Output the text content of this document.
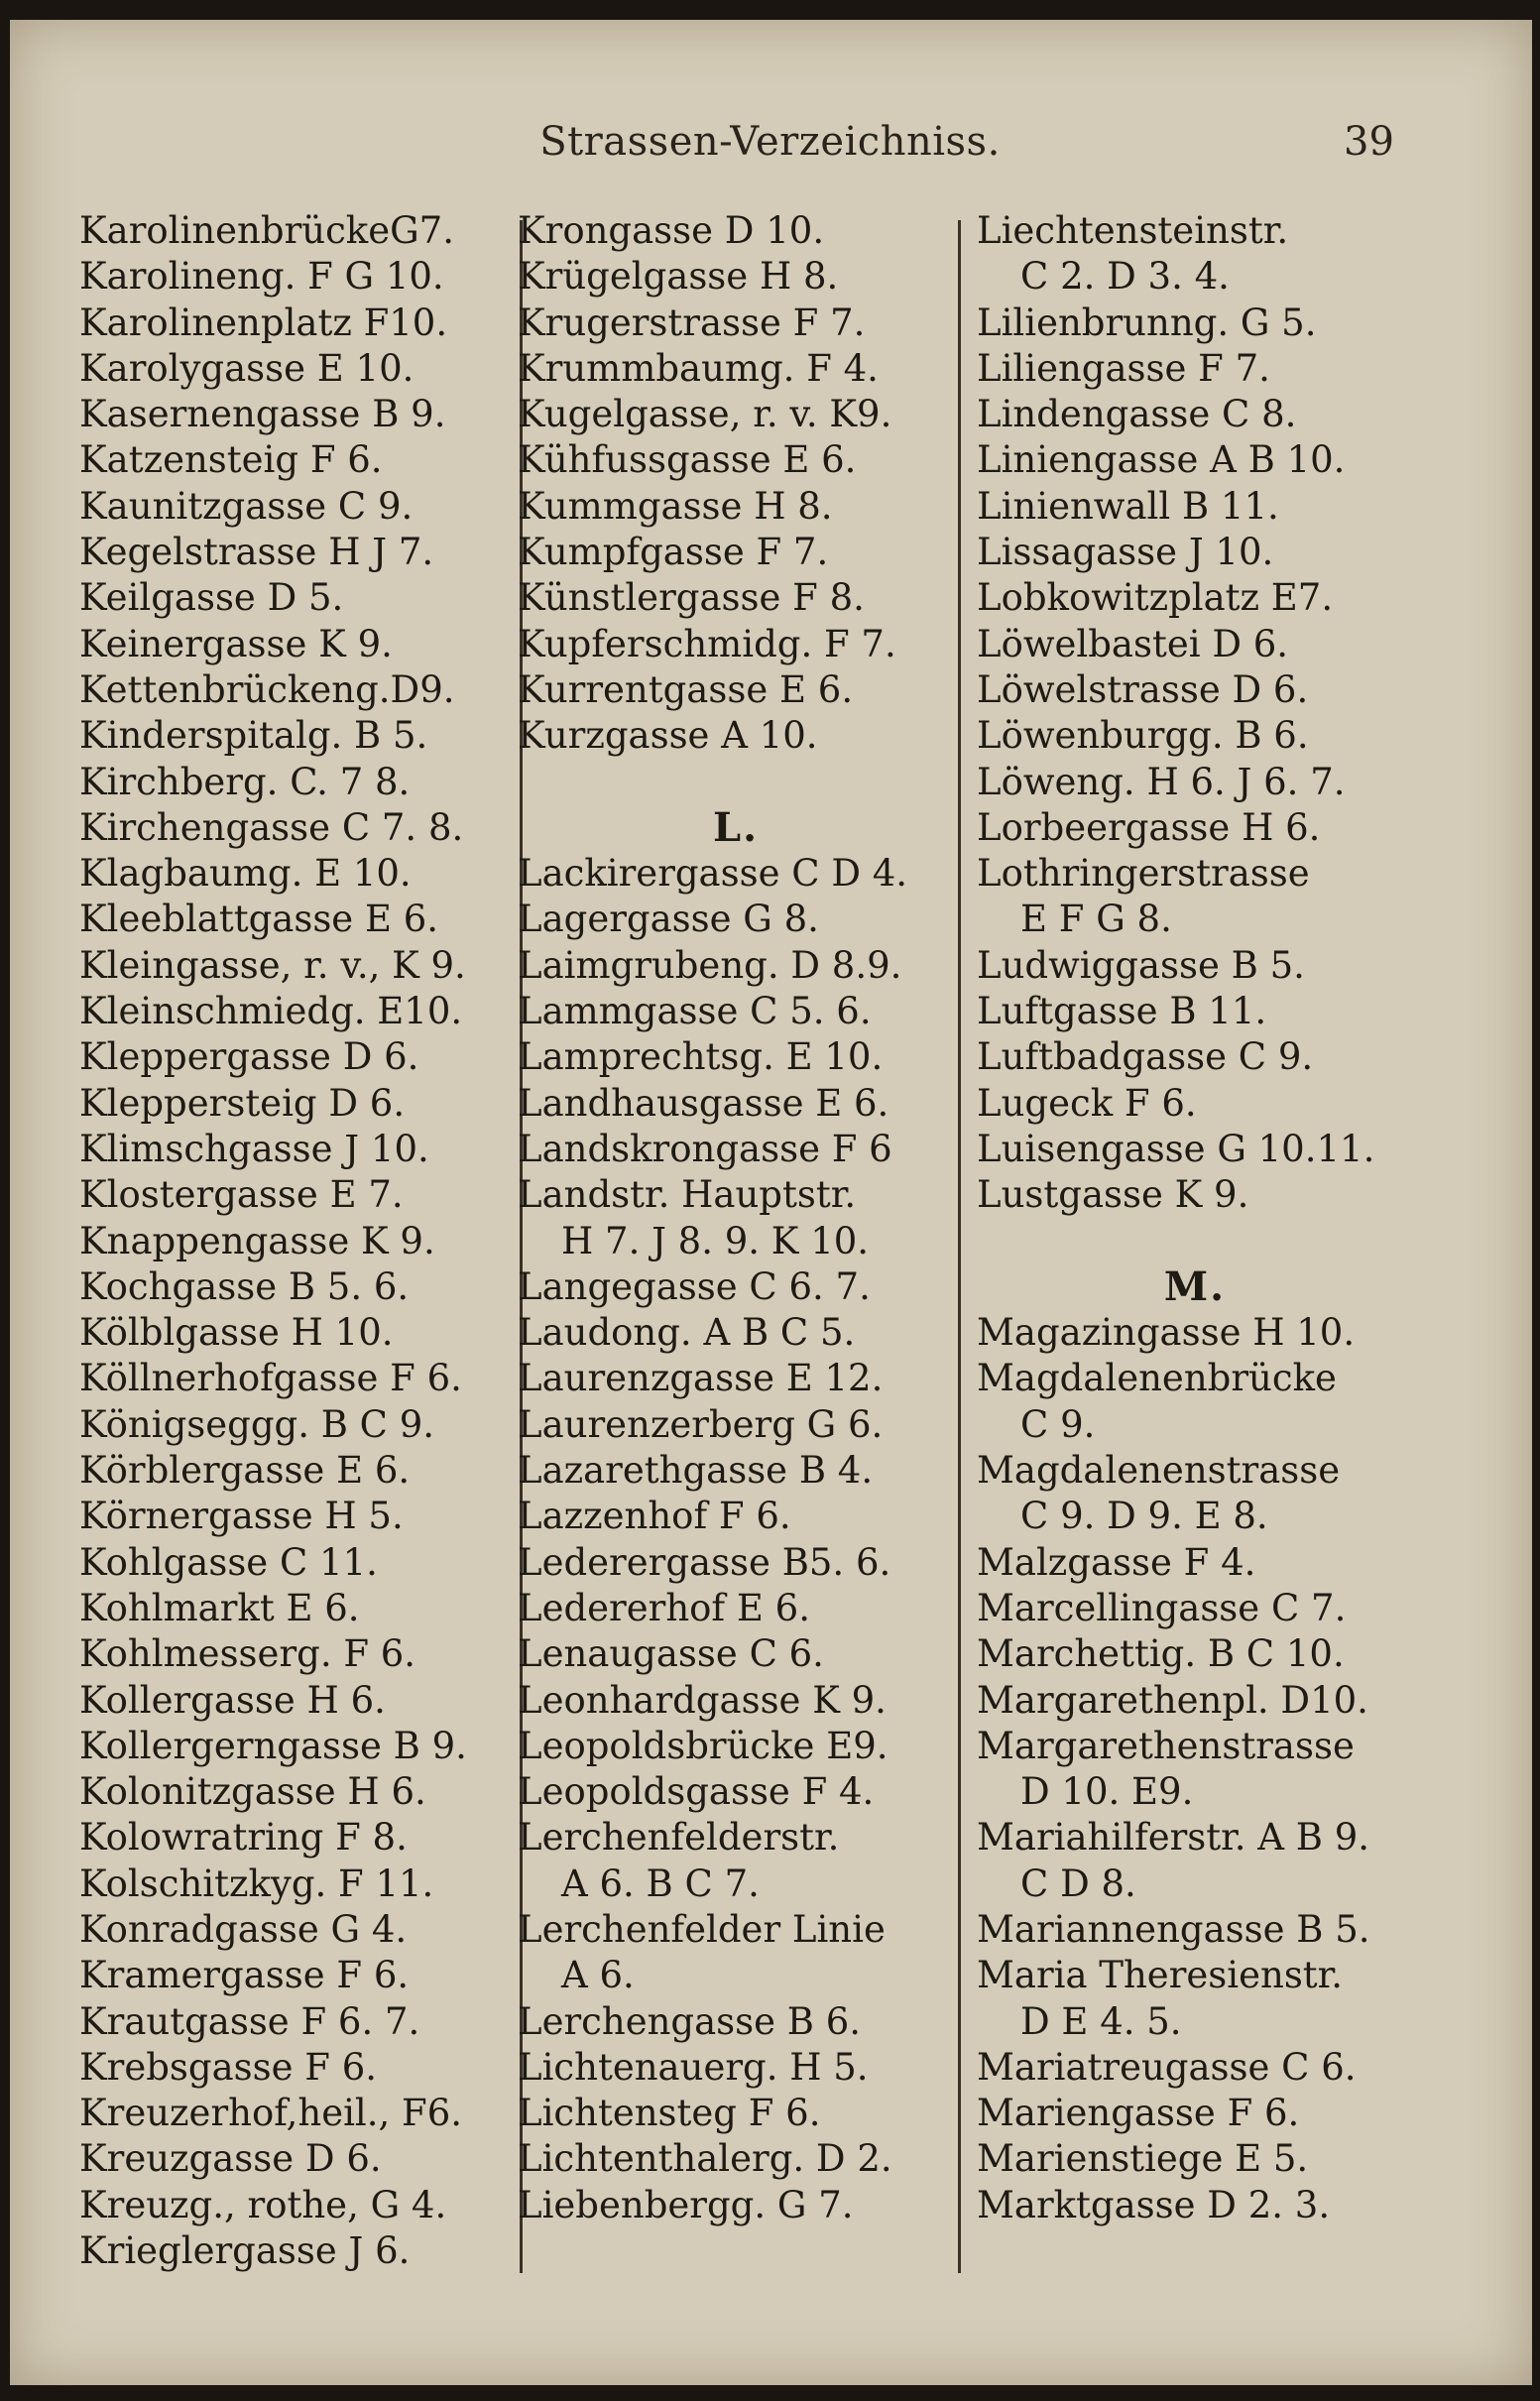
Strassen-Verzeichniss.	39
KarolinenbrückeG7.
Karolineng. F G 10.
Karolinenplatz F10.
Karolygasse E 10.
Kasernengasse B 9.
Katzensteig F 6.
Kaunitzgasse C 9.
Kegelstrasse H J 7.
Keilgasse D 5.
Keinergasse K 9.
Kettenbrückeng.D9.
Kinderspitalg. B 5.
Kirchberg. C. 7 8.
Kirchengasse C 7. 8.
Klagbaumg. E 10.
Kleeblattgasse E 6.
Kleingasse, r. v., K 9.
Kleinschmiedg. E10.
Kleppergasse D 6.
Kleppersteig D 6.
Klimschgasse J 10.
Klostergasse E 7.
Knappengasse K 9.
Kochgasse B 5. 6.
Kölblgasse H 10.
Köllnerhofgasse F 6.
Königseggg. B C 9.
Körblergasse E 6.
Körnergasse H 5.
Kohlgasse C 11.
Kohlmarkt E 6.
Kohlmesserg. F 6.
Kollergasse H 6.
Kollergerngasse B 9.
Kolonitzgasse H 6.
Kolowratring F 8.
Kolschitzkyg. F 11.
Konradgasse G 4.
Kramergasse F 6.
Krautgasse F 6. 7.
Krebsgasse F 6.
Kreuzerhof,heil., F6.
Kreuzgasse D 6.
Kreuzg., rothe, G 4.
Krieglergasse J 6.
Krongasse D 10.
Krügelgasse H 8.
Krugerstrasse F 7.
Krummbaumg. F 4.
Kugelgasse, r. v. K9.
Kühfussgasse E 6.
Kummgasse H 8.
Kumpfgasse F 7.
Künstlergasse F 8.
Kupferschmidg. F 7.
Kurrentgasse E 6.
Kurzgasse A 10.
L.
Lackirergasse C D 4.
Lagergasse G 8.
Laimgrubeng. D 8.9.
Lammgasse C 5. 6.
Lamprechtsg. E 10.
Landhausgasse E 6.
Landskrongasse F 6
Landstr. Hauptstr.
H 7. J 8. 9. K 10.
Langegasse C 6. 7.
Laudong. A B C 5.
Laurenzgasse E 12.
Laurenzerberg G 6.
Lazarethgasse B 4.
Lazzenhof F 6.
Lederergasse B5. 6.
Ledererhof E 6.
Lenaugasse C 6.
Leonhardgasse K 9.
Leopoldsbrücke E9.
Leopoldsgasse F 4.
Lerchenfelderstr.
A 6. B C 7.
Lerchenfelder Linie
A 6.
Lerchengasse B 6.
Lichtenauerg. H 5.
Lichtensteg F 6.
Lichtenthalerg. D 2.
Liebenbergg. G 7.
Liechtensteinstr.
C 2. D 3. 4.
Lilienbrunng. G 5.
Liliengasse F 7.
Lindengasse C 8.
Liniengasse A B 10.
Linienwall B 11.
Lissagasse J 10.
Lobkowitzplatz E7.
Löwelbastei D 6.
Löwelstrasse D 6.
Löwenburgg. B 6.
Löweng. H 6. J 6. 7.
Lorbeergasse H 6.
Lothringerstrasse
E F G 8.
Ludwiggasse B 5.
Luftgasse B 11.
Luftbadgasse C 9.
Lugeck F 6.
Luisengasse G 10.11.
Lustgasse K 9.
M.
Magazingasse H 10.
Magdalenenbrücke
C 9.
Magdalenenstrasse
C 9. D 9. E 8.
Malzgasse F 4.
Marcellingasse C 7.
Marchettig. B C 10.
Margarethenpl. D10.
Margarethenstrasse
D 10. E9.
Mariahilferstr. A B 9.
C D 8.
Mariannengasse B 5.
Maria Theresienstr.
D E 4. 5.
Mariatreugasse C 6.
Mariengasse F 6.
Marienstiege E 5.
Marktgasse D 2. 3.
